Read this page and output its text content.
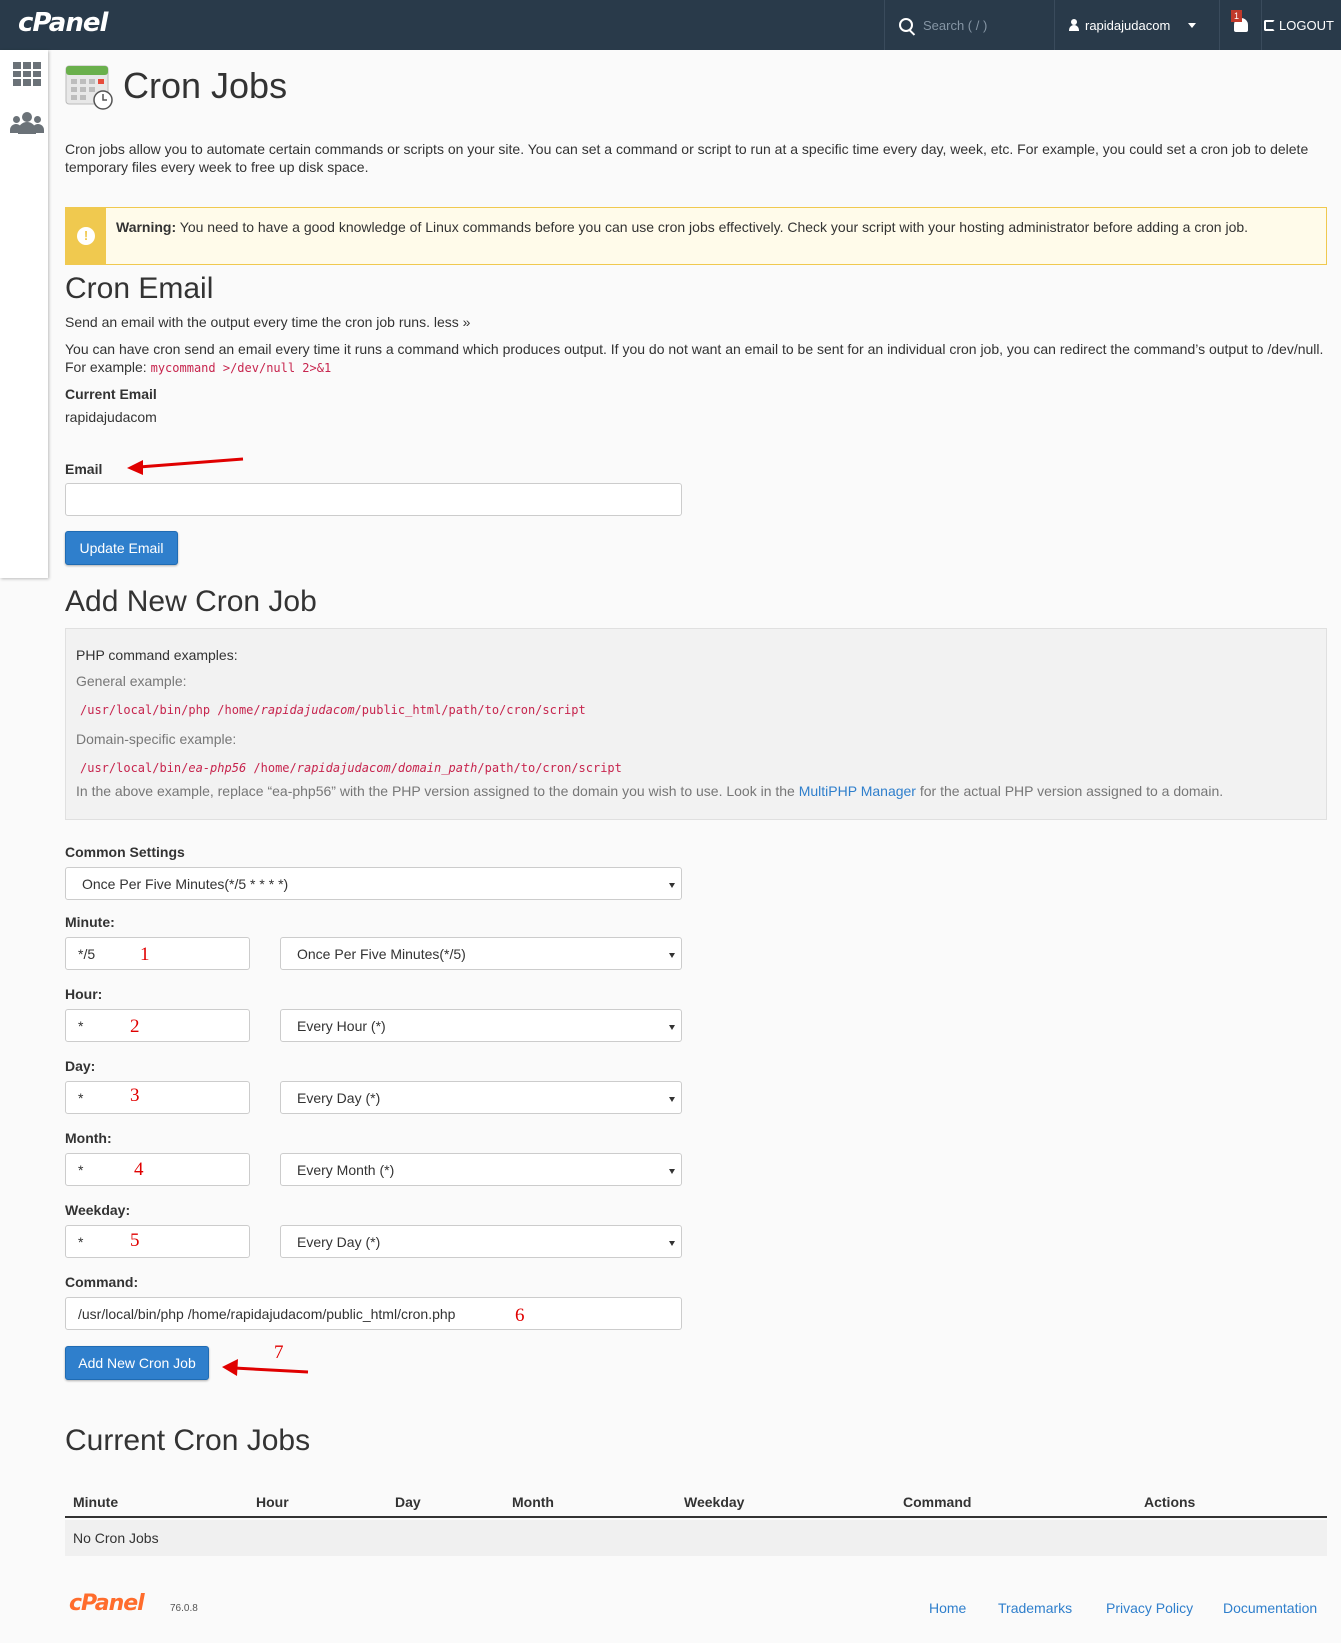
cPanel	Search ( / )	rapidajudacom
1
LOGOUT
Cron Jobs
Cron jobs allow you to automate certain commands or scripts on your site. You can set a command or script to run at a specific time every day, week, etc. For example, you could set a cron job to delete temporary files every week to free up disk space.
!
Warning: You need to have a good knowledge of Linux commands before you can use cron jobs effectively. Check your script with your hosting administrator before adding a cron job.
Cron Email
Send an email with the output every time the cron job runs. less »
You can have cron send an email every time it runs a command which produces output. If you do not want an email to be sent for an individual cron job, you can redirect the command’s output to /dev/null. For example: mycommand >/dev/null 2>&1
Current Email
rapidajudacom
Email
Update Email
Add New Cron Job
PHP command examples:
General example:
/usr/local/bin/php /home/rapidajudacom/public_html/path/to/cron/script
Domain-specific example:
/usr/local/bin/ea-php56 /home/rapidajudacom/domain_path/path/to/cron/script
In the above example, replace “ea-php56” with the PHP version assigned to the domain you wish to use. Look in the MultiPHP Manager for the actual PHP version assigned to a domain.
Common Settings
Once Per Five Minutes(*/5 * * * *)
Minute:
*/5	Once Per Five Minutes(*/5)
Hour:
*	Every Hour (*)
Day:
*	Every Day (*)
Month:
*	Every Month (*)
Weekday:
*	Every Day (*)
Command:
/usr/local/bin/php /home/rapidajudacom/public_html/cron.php
Add New Cron Job
1
2
3
4
5
6
7
Current Cron Jobs
Minute	Hour	Day	Month	Weekday	Command	Actions
No Cron Jobs
cPanel	76.0.8	Home Trademarks Privacy Policy Documentation
